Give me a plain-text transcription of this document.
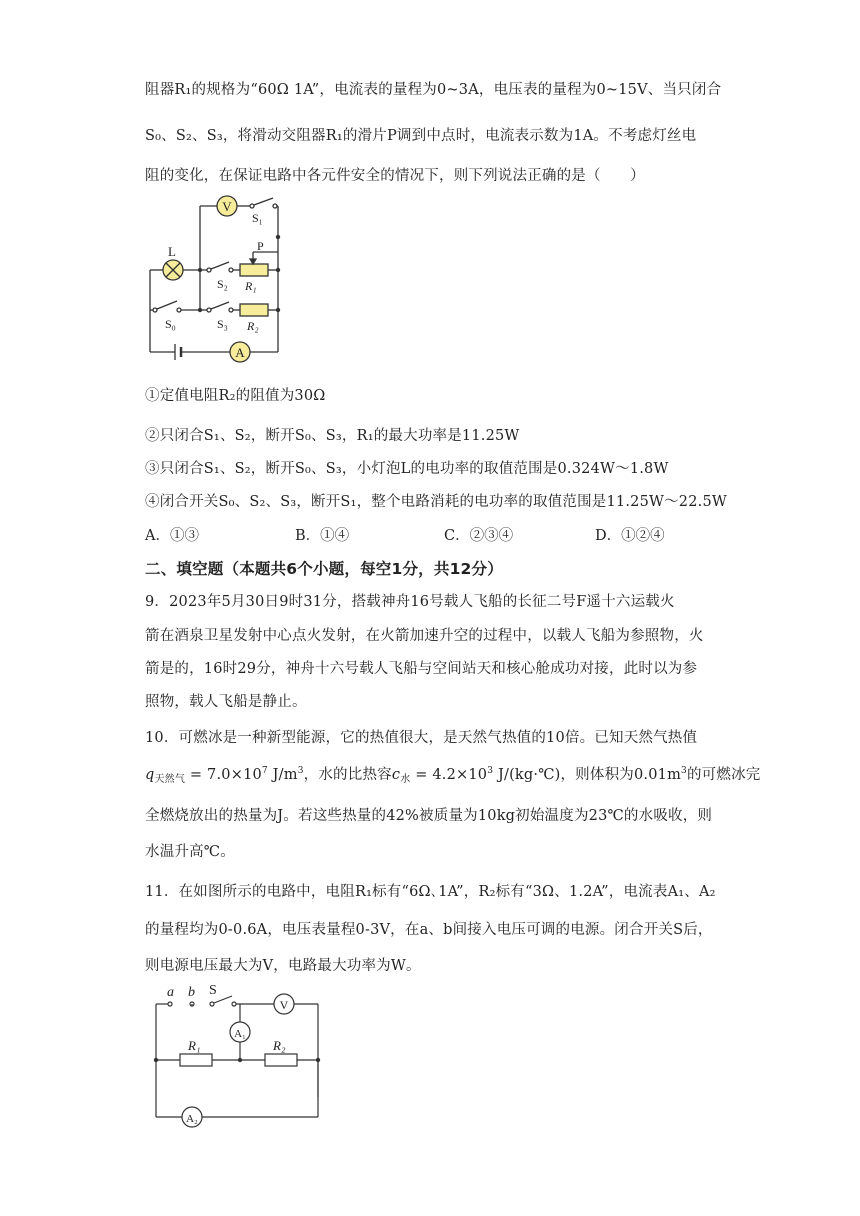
阻器R₁的规格为“60Ω 1A”，电流表的量程为0~3A，电压表的量程为0~15V、当只闭合
S₀、S₂、S₃，将滑动交阻器R₁的滑片P调到中点时，电流表示数为1A。不考虑灯丝电
阻的变化，在保证电路中各元件安全的情况下，则下列说法正确的是（　　）
V
A
L	P
S₁
S₂ R₁
S₀	S₃ R₂
①定值电阻R₂的阻值为30Ω
②只闭合S₁、S₂，断开S₀、S₃，R₁的最大功率是11.25W
③只闭合S₁、S₂，断开S₀、S₃，小灯泡L的电功率的取值范围是0.324W～1.8W
④闭合开关S₀、S₂、S₃，断开S₁，整个电路消耗的电功率的取值范围是11.25W～22.5W
A．①③	B．①④	C．②③④	D．①②④
二、填空题（本题共6个小题，每空1分，共12分）
9．2023年5月30日9时31分，搭载神舟16号载人飞船的长征二号F遥十六运载火
箭在酒泉卫星发射中心点火发射，在火箭加速升空的过程中，以载人飞船为参照物，火
箭是的，16时29分，神舟十六号载人飞船与空间站天和核心舱成功对接，此时以为参
照物，载人飞船是静止。
10．可燃冰是一种新型能源，它的热值很大，是天然气热值的10倍。已知天然气热值
$q_{天然气} = 7.0\times 10^7$ $J/m^3$，水的比热容$c_水 = 4.2\times 10^3$ J/(kg·℃)，则体积为$0.01m^3$的可燃冰完
全燃烧放出的热量为J。若这些热量的42%被质量为10kg初始温度为23℃的水吸收，则
水温升高℃。
11．在如图所示的电路中，电阻R₁标有“6Ω､1A”，R₂标有“3Ω、1.2A”，电流表A₁、A₂
的量程均为0-0.6A，电压表量程0-3V，在a、b间接入电压可调的电源。闭合开关S后，
则电源电压最大为V，电路最大功率为W。
a b S
V
A₁
A₂
R₁	R₂
